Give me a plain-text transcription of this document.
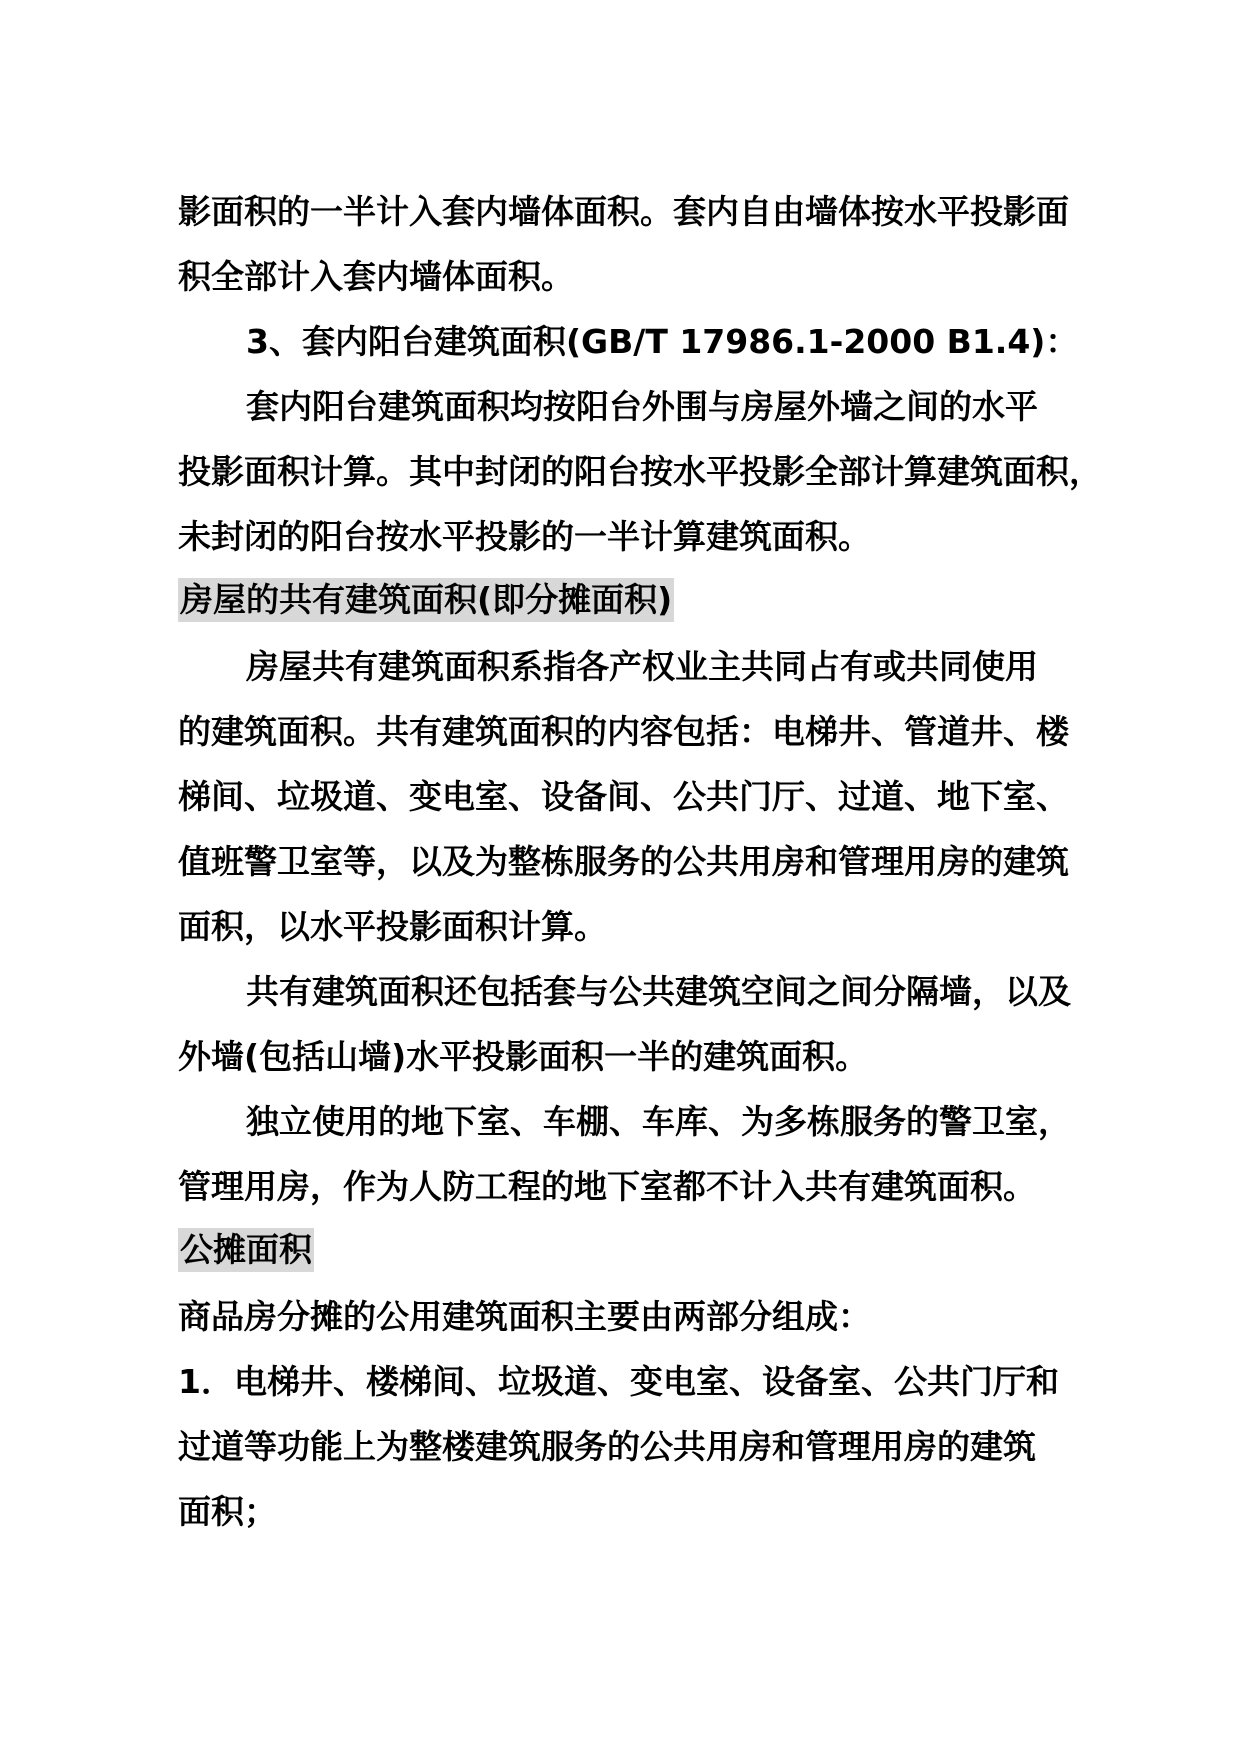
影面积的一半计入套内墙体面积。套内自由墙体按水平投影面
积全部计入套内墙体面积。
3、套内阳台建筑面积(GB/T 17986.1-2000 B1.4)：
套内阳台建筑面积均按阳台外围与房屋外墙之间的水平
投影面积计算。其中封闭的阳台按水平投影全部计算建筑面积，
未封闭的阳台按水平投影的一半计算建筑面积。
房屋的共有建筑面积(即分摊面积)
房屋共有建筑面积系指各产权业主共同占有或共同使用
的建筑面积。共有建筑面积的内容包括：电梯井、管道井、楼
梯间、垃圾道、变电室、设备间、公共门厅、过道、地下室、
值班警卫室等，以及为整栋服务的公共用房和管理用房的建筑
面积，以水平投影面积计算。
共有建筑面积还包括套与公共建筑空间之间分隔墙，以及
外墙(包括山墙)水平投影面积一半的建筑面积。
独立使用的地下室、车棚、车库、为多栋服务的警卫室，
管理用房，作为人防工程的地下室都不计入共有建筑面积。
公摊面积
商品房分摊的公用建筑面积主要由两部分组成：
1．电梯井、楼梯间、垃圾道、变电室、设备室、公共门厅和
过道等功能上为整楼建筑服务的公共用房和管理用房的建筑
面积；
